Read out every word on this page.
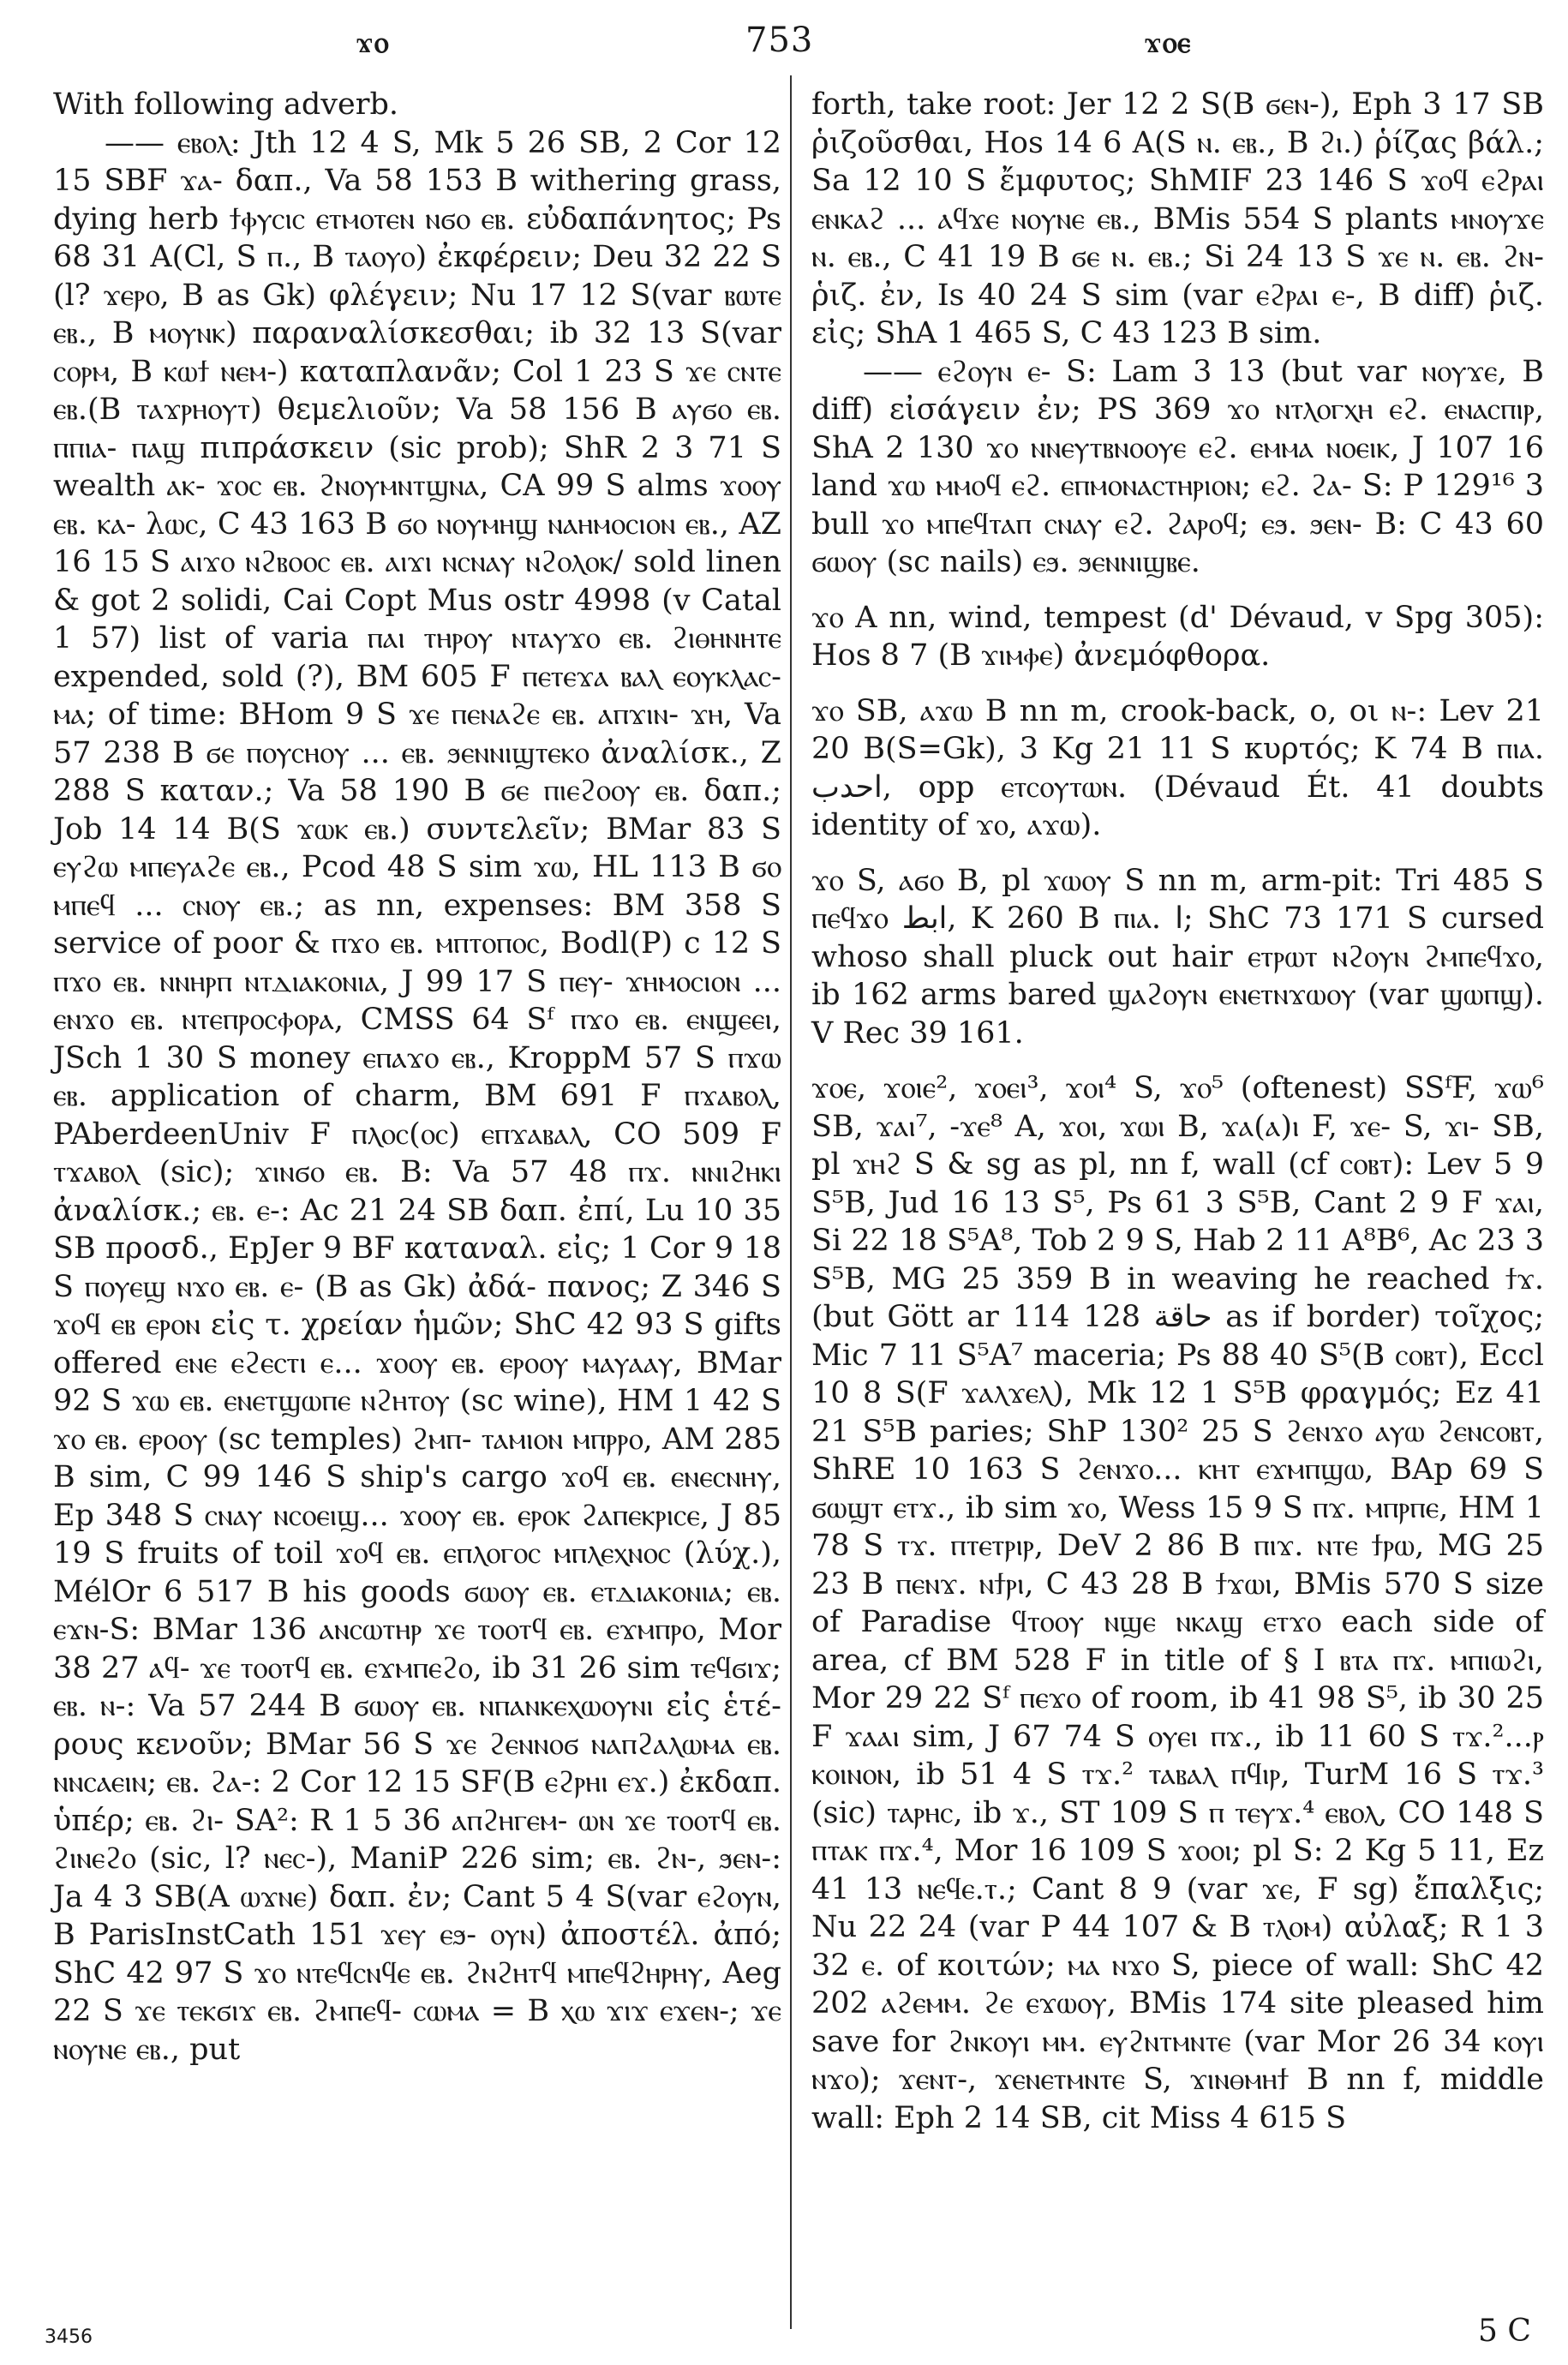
ϫⲟ	753	ϫⲟⲉ

With following adverb.

—— ⲉⲃⲟⲗ: Jth 12 4 S, Mk 5 26 SB, 2 Cor 12 15 SBF ϫⲁ- δαπ., Va 58 153 B withering grass, dying herb ϯⲫⲩⲥⲓⲥ ⲉⲧⲙⲟⲧⲉⲛ ⲛϭⲟ ⲉⲃ. εὐδαπάνητος; Ps 68 31 A(Cl, S ⲡ., B ⲧⲁⲟⲩⲟ) ἐκφέρειν; Deu 32 22 S (l? ϫⲉⲣⲟ, B as Gk) φλέγειν; Nu 17 12 S(var ⲃⲱⲧⲉ ⲉⲃ., B ⲙⲟⲩⲛⲕ) παραναλίσκεσθαι; ib 32 13 S(var ⲥⲟⲣⲙ, B ⲕⲱϯ ⲛⲉⲙ-) καταπλανᾶν; Col 1 23 S ϫⲉ ⲥⲛⲧⲉ ⲉⲃ.(B ⲧⲁϫⲣⲏⲟⲩⲧ) θεμελιοῦν; Va 58 156 B ⲁⲩϭⲟ ⲉⲃ. ⲡⲡⲓⲁ- ⲡⲁϣ πιπράσκειν (sic prob); ShR 2 3 71 S wealth ⲁⲕ- ϫⲟⲥ ⲉⲃ. ϩⲛⲟⲩⲙⲛⲧϣⲛⲁ, CA 99 S alms ϫⲟⲟⲩ ⲉⲃ. ⲕⲁ- λⲱⲥ, C 43 163 B ϭⲟ ⲛⲟⲩⲙⲏϣ ⲛⲁⲏⲙⲟⲥⲓⲟⲛ ⲉⲃ., AZ 16 15 S ⲁⲓϫⲟ ⲛϩⲃⲟⲟⲥ ⲉⲃ. ⲁⲓϫⲓ ⲛⲥⲛⲁⲩ ⲛϩⲟⲗⲟⲕ/ sold linen & got 2 solidi, Cai Copt Mus ostr 4998 (v Catal 1 57) list of varia ⲡⲁⲓ ⲧⲏⲣⲟⲩ ⲛⲧⲁⲩϫⲟ ⲉⲃ. ϩⲓⲑⲏⲛⲏⲧⲉ expended, sold (?), BM 605 F ⲡⲉⲧⲉϫⲁ ⲃⲁⲗ ⲉⲟⲩⲕⲗⲁⲥ- ⲙⲁ; of time: BHom 9 S ϫⲉ ⲡⲉⲛⲁϩⲉ ⲉⲃ. ⲁⲡϫⲓⲛ- ϫⲏ, Va 57 238 B ϭⲉ ⲡⲟⲩⲥⲏⲟⲩ ... ⲉⲃ. ϧⲉⲛⲛⲓϣⲧⲉⲕⲟ ἀναλίσκ., Z 288 S καταν.; Va 58 190 B ϭⲉ ⲡⲓⲉϩⲟⲟⲩ ⲉⲃ. δαπ.; Job 14 14 B(S ϫⲱⲕ ⲉⲃ.) συντελεῖν; BMar 83 S ⲉⲩϩⲱ ⲙⲡⲉⲩⲁϩⲉ ⲉⲃ., Pcod 48 S sim ϫⲱ, HL 113 B ϭⲟ ⲙⲡⲉϥ ... ⲥⲛⲟⲩ ⲉⲃ.; as nn, expenses: BM 358 S service of poor & ⲡϫⲟ ⲉⲃ. ⲙⲡⲧⲟⲡⲟⲥ, Bodl(P) c 12 S ⲡϫⲟ ⲉⲃ. ⲛⲛⲏⲣⲡ ⲛⲧⲇⲓⲁⲕⲟⲛⲓⲁ, J 99 17 S ⲡⲉⲩ- ϫⲏⲙⲟⲥⲓⲟⲛ ... ⲉⲛϫⲟ ⲉⲃ. ⲛⲧⲉⲡⲣⲟⲥⲫⲟⲣⲁ, CMSS 64 Sᶠ ⲡϫⲟ ⲉⲃ. ⲉⲛϣⲉⲉⲓ, JSch 1 30 S money ⲉⲡⲁϫⲟ ⲉⲃ., KroppM 57 S ⲡϫⲱ ⲉⲃ. application of charm, BM 691 F ⲡϫⲁⲃⲟⲗ, PAberdeenUniv F ⲡⲗⲟⲥ(ⲟⲥ) ⲉⲡϫⲁⲃⲁⲗ, CO 509 F ⲧϫⲁⲃⲟⲗ (sic); ϫⲓⲛϭⲟ ⲉⲃ. B: Va 57 48 ⲡϫ. ⲛⲛⲓϩⲏⲕⲓ ἀναλίσκ.; ⲉⲃ. ⲉ-: Ac 21 24 SB δαπ. ἐπί, Lu 10 35 SB προσδ., EpJer 9 BF καταναλ. εἰς; 1 Cor 9 18 S ⲡⲟⲩⲉϣ ⲛϫⲟ ⲉⲃ. ⲉ- (B as Gk) ἀδά- πανος; Z 346 S ϫⲟϥ ⲉⲃ ⲉⲣⲟⲛ εἰς τ. χρείαν ἡμῶν; ShC 42 93 S gifts offered ⲉⲛⲉ ⲉϩⲉⲥⲧⲓ ⲉ... ϫⲟⲟⲩ ⲉⲃ. ⲉⲣⲟⲟⲩ ⲙⲁⲩⲁⲁⲩ, BMar 92 S ϫⲱ ⲉⲃ. ⲉⲛⲉⲧϣⲱⲡⲉ ⲛϩⲏⲧⲟⲩ (sc wine), HM 1 42 S ϫⲟ ⲉⲃ. ⲉⲣⲟⲟⲩ (sc temples) ϩⲙⲡ- ⲧⲁⲙⲓⲟⲛ ⲙⲡⲣⲣⲟ, AM 285 B sim, C 99 146 S ship's cargo ϫⲟϥ ⲉⲃ. ⲉⲛⲉⲥⲛⲏⲩ, Ep 348 S ⲥⲛⲁⲩ ⲛⲥⲟⲉⲓϣ... ϫⲟⲟⲩ ⲉⲃ. ⲉⲣⲟⲕ ϩⲁⲡⲉⲕⲣⲓⲥⲉ, J 85 19 S fruits of toil ϫⲟϥ ⲉⲃ. ⲉⲡⲗⲟⲅⲟⲥ ⲙⲡⲗⲉⲭⲛⲟⲥ (λύχ.), MélOr 6 517 B his goods ϭⲱⲟⲩ ⲉⲃ. ⲉⲧⲇⲓⲁⲕⲟⲛⲓⲁ; ⲉⲃ. ⲉϫⲛ-S: BMar 136 ⲁⲛⲥⲱⲧⲏⲣ ϫⲉ ⲧⲟⲟⲧϥ ⲉⲃ. ⲉϫⲙⲡⲣⲟ, Mor 38 27 ⲁϥ- ϫⲉ ⲧⲟⲟⲧϥ ⲉⲃ. ⲉϫⲙⲡⲉϩⲟ, ib 31 26 sim ⲧⲉϥϭⲓϫ; ⲉⲃ. ⲛ-: Va 57 244 B ϭⲱⲟⲩ ⲉⲃ. ⲛⲡⲁⲛⲕⲉⲭⲱⲟⲩⲛⲓ εἰς ἑτέ- ρους κενοῦν; BMar 56 S ϫⲉ ϩⲉⲛⲛⲟϭ ⲛⲁⲡϩⲁⲗⲱⲙⲁ ⲉⲃ. ⲛⲛⲥⲁⲉⲓⲛ; ⲉⲃ. ϩⲁ-: 2 Cor 12 15 SF(B ⲉϩⲣⲏⲓ ⲉϫ.) ἐκδαπ. ὑπέρ; ⲉⲃ. ϩⲓ- SA²: R 1 5 36 ⲁⲡϩⲏⲅⲉⲙ- ⲱⲛ ϫⲉ ⲧⲟⲟⲧϥ ⲉⲃ. ϩⲓⲛⲉϩⲟ (sic, l? ⲛⲉⲥ-), ManiP 226 sim; ⲉⲃ. ϩⲛ-, ϧⲉⲛ-: Ja 4 3 SB(A ⲱϫⲛⲉ) δαπ. ἐν; Cant 5 4 S(var ⲉϩⲟⲩⲛ, B ParisInstCath 151 ϫⲉⲩ ⲉϧ- ⲟⲩⲛ) ἀποστέλ. ἀπό; ShC 42 97 S ϫⲟ ⲛⲧⲉϥⲥⲛϥⲉ ⲉⲃ. ϩⲛϩⲏⲧϥ ⲙⲡⲉϥϩⲏⲣⲏⲩ, Aeg 22 S ϫⲉ ⲧⲉⲕϭⲓϫ ⲉⲃ. ϩⲙⲡⲉϥ- ⲥⲱⲙⲁ = B ⲭⲱ ϫⲓϫ ⲉϫⲉⲛ-; ϫⲉ ⲛⲟⲩⲛⲉ ⲉⲃ., put

forth, take root: Jer 12 2 S(B ϭⲉⲛ-), Eph 3 17 SB ῥιζοῦσθαι, Hos 14 6 A(S ⲛ. ⲉⲃ., B ϩⲓ.) ῥίζας βάλ.; Sa 12 10 S ἔμφυτος; ShMIF 23 146 S ϫⲟϥ ⲉϩⲣⲁⲓ ⲉⲛⲕⲁϩ ... ⲁϥϫⲉ ⲛⲟⲩⲛⲉ ⲉⲃ., BMis 554 S plants ⲙⲛⲟⲩϫⲉ ⲛ. ⲉⲃ., C 41 19 B ϭⲉ ⲛ. ⲉⲃ.; Si 24 13 S ϫⲉ ⲛ. ⲉⲃ. ϩⲛ- ῥιζ. ἐν, Is 40 24 S sim (var ⲉϩⲣⲁⲓ ⲉ-, B diff) ῥιζ. εἰς; ShA 1 465 S, C 43 123 B sim.

—— ⲉϩⲟⲩⲛ ⲉ- S: Lam 3 13 (but var ⲛⲟⲩϫⲉ, B diff) εἰσάγειν ἐν; PS 369 ϫⲟ ⲛⲧⲗⲟⲅⲭⲏ ⲉϩ. ⲉⲛⲁⲥⲡⲓⲣ, ShA 2 130 ϫⲟ ⲛⲛⲉⲩⲧⲃⲛⲟⲟⲩⲉ ⲉϩ. ⲉⲙⲙⲁ ⲛⲟⲉⲓⲕ, J 107 16 land ϫⲱ ⲙⲙⲟϥ ⲉϩ. ⲉⲡⲙⲟⲛⲁⲥⲧⲏⲣⲓⲟⲛ; ⲉϩ. ϩⲁ- S: P 129¹⁶ 3 bull ϫⲟ ⲙⲡⲉϥⲧⲁⲡ ⲥⲛⲁⲩ ⲉϩ. ϩⲁⲣⲟϥ; ⲉϧ. ϧⲉⲛ- B: C 43 60 ϭⲱⲟⲩ (sc nails) ⲉϧ. ϧⲉⲛⲛⲓϣⲃⲉ.

ϫⲟ A nn, wind, tempest (d' Dévaud, v Spg 305): Hos 8 7 (B ϫⲓⲙⲫⲉ) ἀνεμόφθορα.

ϫⲟ SB, ⲁϫⲱ B nn m, crook-back, o, oι ⲛ-: Lev 21 20 B(S=Gk), 3 Kg 21 11 S κυρτός; K 74 B ⲡⲓⲁ. احدب, opp ⲉⲧⲥⲟⲩⲧⲱⲛ. (Dévaud Ét. 41 doubts identity of ϫⲟ, ⲁϫⲱ).

ϫⲟ S, ⲁϭⲟ B, pl ϫⲱⲟⲩ S nn m, arm-pit: Tri 485 S ⲡⲉϥϫⲟ ابط, K 260 B ⲡⲓⲁ. ا; ShC 73 171 S cursed whoso shall pluck out hair ⲉⲧⲣⲱⲧ ⲛϩⲟⲩⲛ ϩⲙⲡⲉϥϫⲟ, ib 162 arms bared ϣⲁϩⲟⲩⲛ ⲉⲛⲉⲧⲛϫⲱⲟⲩ (var ϣⲱⲡϣ). V Rec 39 161.

ϫⲟⲉ, ϫⲟⲓⲉ², ϫⲟⲉⲓ³, ϫⲟⲓ⁴ S, ϫⲟ⁵ (oftenest) SSᶠF, ϫⲱ⁶ SB, ϫⲁⲓ⁷, -ϫⲉ⁸ A, ϫⲟⲓ, ϫⲱⲓ B, ϫⲁ(ⲁ)ⲓ F, ϫⲉ- S, ϫⲓ- SB, pl ϫⲏϩ S & sg as pl, nn f, wall (cf ⲥⲟⲃⲧ): Lev 5 9 S⁵B, Jud 16 13 S⁵, Ps 61 3 S⁵B, Cant 2 9 F ϫⲁⲓ, Si 22 18 S⁵A⁸, Tob 2 9 S, Hab 2 11 A⁸B⁶, Ac 23 3 S⁵B, MG 25 359 B in weaving he reached ϯϫ. (but Gött ar 114 128 حاقة as if border) τοῖχος; Mic 7 11 S⁵A⁷ maceria; Ps 88 40 S⁵(B ⲥⲟⲃⲧ), Eccl 10 8 S(F ϫⲁⲗϫⲉⲗ), Mk 12 1 S⁵B φραγμός; Ez 41 21 S⁵B paries; ShP 130² 25 S ϩⲉⲛϫⲟ ⲁⲩⲱ ϩⲉⲛⲥⲟⲃⲧ, ShRE 10 163 S ϩⲉⲛϫⲟ... ⲕⲏⲧ ⲉϫⲙⲡϣⲱ, BAp 69 S ϭⲱϣⲧ ⲉⲧϫ., ib sim ϫⲟ, Wess 15 9 S ⲡϫ. ⲙⲡⲣⲡⲉ, HM 1 78 S ⲧϫ. ⲡⲧⲉⲧⲣⲓⲣ, DeV 2 86 B ⲡⲓϫ. ⲛⲧⲉ ϯⲣⲱ, MG 25 23 B ⲡⲉⲛϫ. ⲛϯⲣⲓ, C 43 28 B ϯϫⲱⲓ, BMis 570 S size of Paradise ϥⲧⲟⲟⲩ ⲛϣⲉ ⲛⲕⲁϣ ⲉⲧϫⲟ each side of area, cf BM 528 F in title of § I ⲃⲧⲁ ⲡϫ. ⲙⲡⲓⲱϩⲓ, Mor 29 22 Sᶠ ⲡⲉϫⲟ of room, ib 41 98 S⁵, ib 30 25 F ϫⲁⲁⲓ sim, J 67 74 S ⲟⲩⲉⲓ ⲡϫ., ib 11 60 S ⲧϫ.²...ⲣ ⲕⲟⲓⲛⲟⲛ, ib 51 4 S ⲧϫ.² ⲧⲁⲃⲁⲗ ⲡϥⲓⲣ, TurM 16 S ⲧϫ.³ (sic) ⲧⲁⲣⲏⲥ, ib ϫ., ST 109 S ⲡ ⲧⲉⲩϫ.⁴ ⲉⲃⲟⲗ, CO 148 S ⲡⲧⲁⲕ ⲡϫ.⁴, Mor 16 109 S ϫⲟⲟⲓ; pl S: 2 Kg 5 11, Ez 41 13 ⲛⲉϥⲉ.ⲧ.; Cant 8 9 (var ϫⲉ, F sg) ἔπαλξις; Nu 22 24 (var P 44 107 & B ⲧⲗⲟⲙ) αὐλαξ; R 1 3 32 ⲉ. of κοιτών; ⲙⲁ ⲛϫⲟ S, piece of wall: ShC 42 202 ⲁϩⲉⲙⲙ. ϩⲉ ⲉϫⲱⲟⲩ, BMis 174 site pleased him save for ϩⲛⲕⲟⲩⲓ ⲙⲙ. ⲉⲩϩⲛⲧⲙⲛⲧⲉ (var Mor 26 34 ⲕⲟⲩⲓ ⲛϫⲟ); ϫⲉⲛⲧ-, ϫⲉⲛⲉⲧⲙⲛⲧⲉ S, ϫⲓⲛⲑⲙⲏϯ B nn f, middle wall: Eph 2 14 SB, cit Miss 4 615 S

3456	5 C
